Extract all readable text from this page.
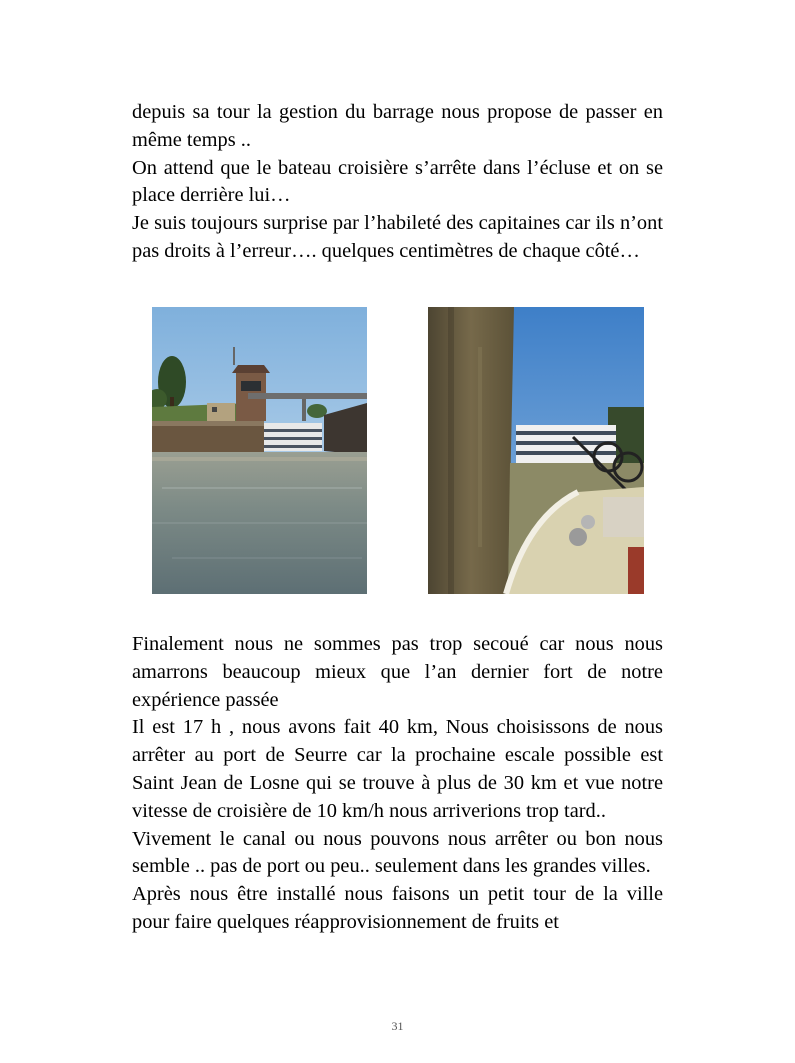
depuis sa tour la gestion du barrage nous propose de passer en même temps ..

On attend que le bateau croisière s’arrête dans l’écluse et on se place derrière lui…

Je suis toujours surprise par l’habileté des capitaines car ils n’ont pas droits à l’erreur…. quelques centimètres de chaque côté…

Finalement nous ne sommes pas trop secoué car nous nous amarrons beaucoup mieux que l’an dernier fort de notre expérience passée

Il est 17 h , nous avons fait 40 km, Nous choisissons de nous arrêter au port de Seurre car la prochaine escale possible est Saint Jean de Losne qui se trouve à plus de 30 km et vue notre vitesse de croisière de 10 km/h nous arriverions trop tard..

Vivement le canal ou nous pouvons nous arrêter ou bon nous semble .. pas de port ou peu.. seulement dans les grandes villes.

Après nous être installé nous faisons un petit tour de la ville pour faire quelques réapprovisionnement de fruits et

31
